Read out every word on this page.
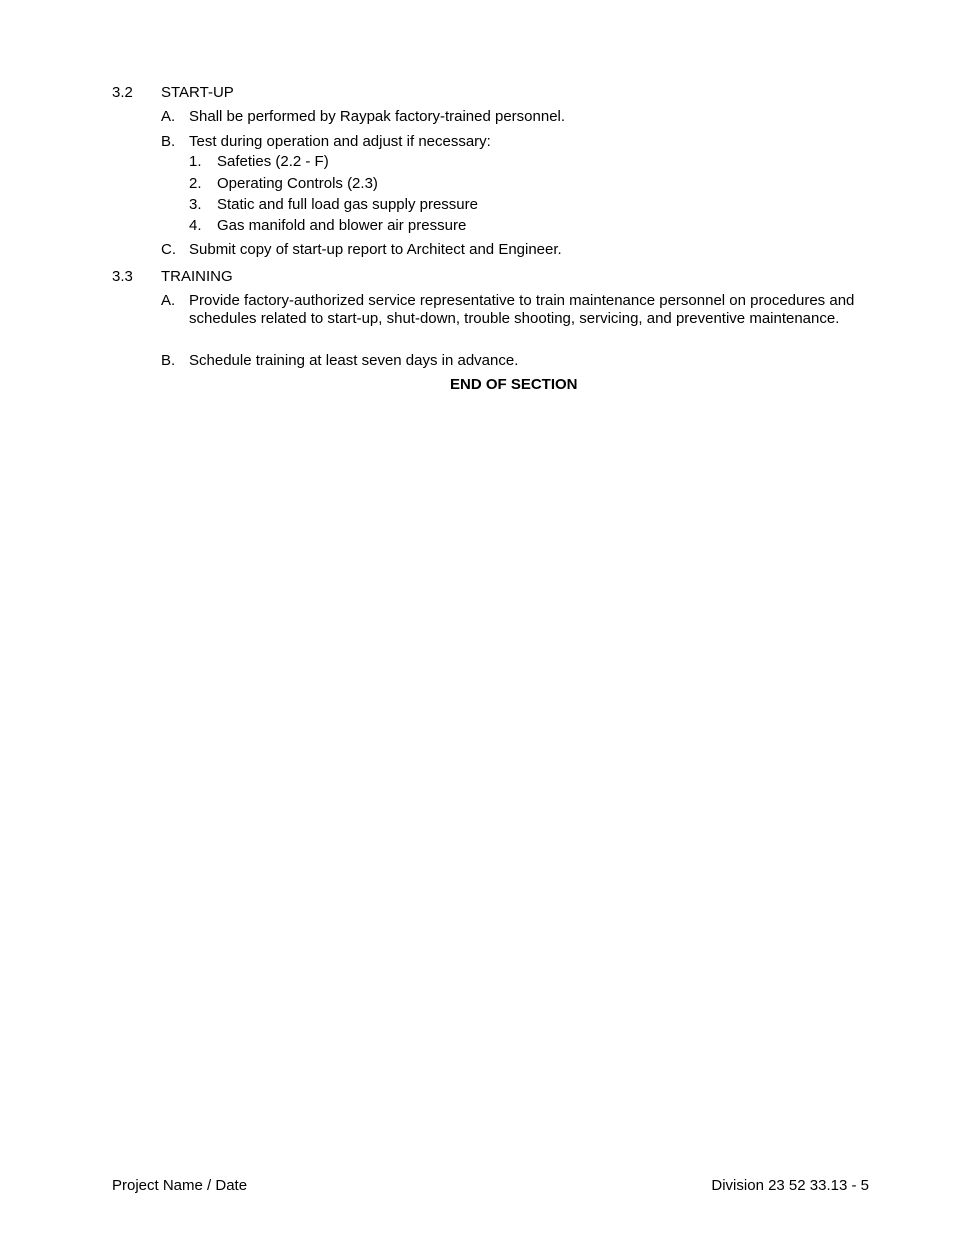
3.2 START-UP
A. Shall be performed by Raypak factory-trained personnel.
B. Test during operation and adjust if necessary:
1. Safeties (2.2 - F)
2. Operating Controls (2.3)
3. Static and full load gas supply pressure
4. Gas manifold and blower air pressure
C. Submit copy of start-up report to Architect and Engineer.
3.3 TRAINING
A. Provide factory-authorized service representative to train maintenance personnel on procedures and schedules related to start-up, shut-down, trouble shooting, servicing, and preventive maintenance.
B. Schedule training at least seven days in advance.
END OF SECTION
Project Name / Date	Division 23 52 33.13 - 5
